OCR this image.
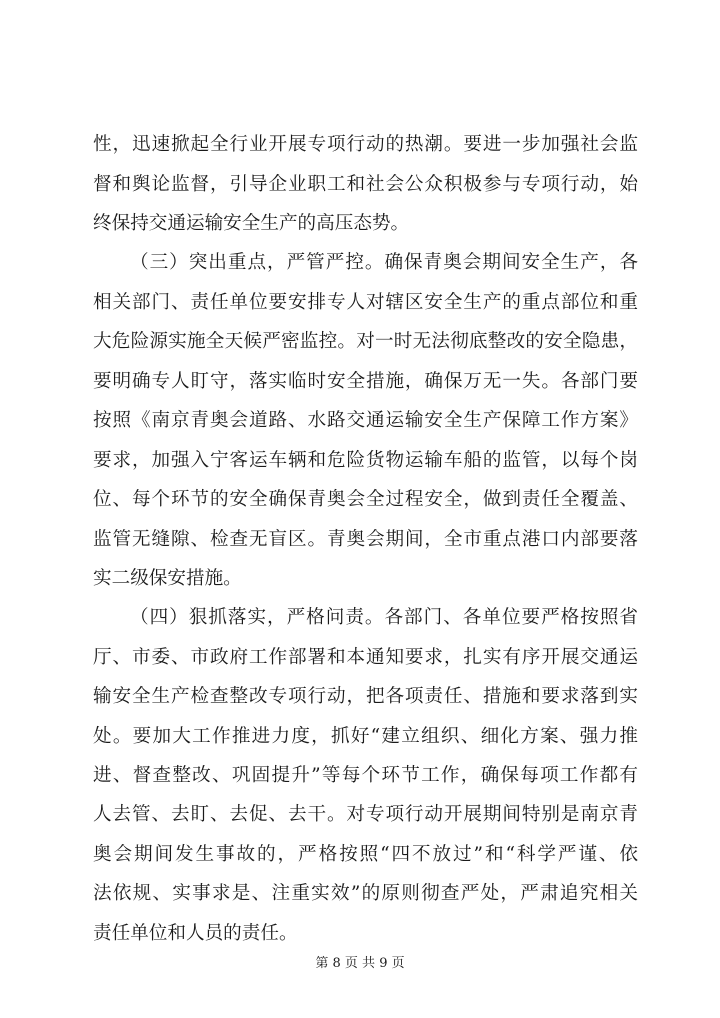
性，迅速掀起全行业开展专项行动的热潮。要进一步加强社会监
督和舆论监督，引导企业职工和社会公众积极参与专项行动，始
终保持交通运输安全生产的高压态势。
（三）突出重点，严管严控。确保青奥会期间安全生产，各
相关部门、责任单位要安排专人对辖区安全生产的重点部位和重
大危险源实施全天候严密监控。对一时无法彻底整改的安全隐患，
要明确专人盯守，落实临时安全措施，确保万无一失。各部门要
按照《南京青奥会道路、水路交通运输安全生产保障工作方案》
要求，加强入宁客运车辆和危险货物运输车船的监管，以每个岗
位、每个环节的安全确保青奥会全过程安全，做到责任全覆盖、
监管无缝隙、检查无盲区。青奥会期间，全市重点港口内部要落
实二级保安措施。
（四）狠抓落实，严格问责。各部门、各单位要严格按照省
厅、市委、市政府工作部署和本通知要求，扎实有序开展交通运
输安全生产检查整改专项行动，把各项责任、措施和要求落到实
处。要加大工作推进力度，抓好“建立组织、细化方案、强力推
进、督查整改、巩固提升”等每个环节工作，确保每项工作都有
人去管、去盯、去促、去干。对专项行动开展期间特别是南京青
奥会期间发生事故的，严格按照“四不放过”和“科学严谨、依
法依规、实事求是、注重实效”的原则彻查严处，严肃追究相关
责任单位和人员的责任。
第 8 页 共 9 页
